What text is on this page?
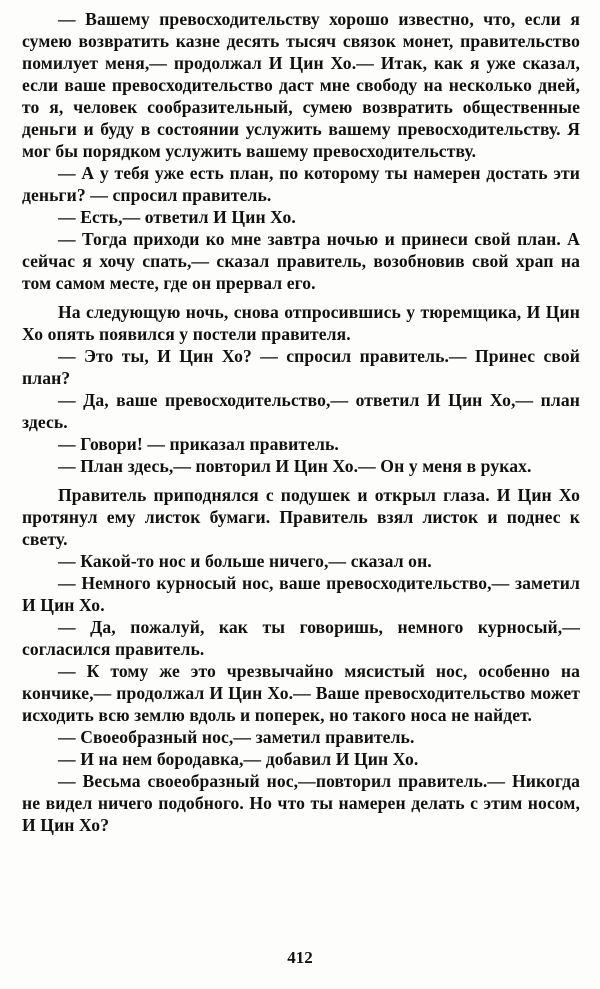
— Вашему превосходительству хорошо известно, что, если я сумею возвратить казне десять тысяч связок монет, правительство помилует меня,— продолжал И Цин Хо.— Итак, как я уже сказал, если ваше превосходительство даст мне свободу на несколько дней, то я, человек сообразительный, сумею возвратить общественные деньги и буду в состоянии услужить вашему превосходительству. Я мог бы порядком услужить вашему превосходительству.

— А у тебя уже есть план, по которому ты намерен достать эти деньги? — спросил правитель.

— Есть,— ответил И Цин Хо.

— Тогда приходи ко мне завтра ночью и принеси свой план. А сейчас я хочу спать,— сказал правитель, возобновив свой храп на том самом месте, где он прервал его.

На следующую ночь, снова отпросившись у тюремщика, И Цин Хо опять появился у постели правителя.

— Это ты, И Цин Хо? — спросил правитель.— Принес свой план?

— Да, ваше превосходительство,— ответил И Цин Хо,— план здесь.

— Говори! — приказал правитель.

— План здесь,— повторил И Цин Хо.— Он у меня в руках.

Правитель приподнялся с подушек и открыл глаза. И Цин Хо протянул ему листок бумаги. Правитель взял листок и поднес к свету.

— Какой-то нос и больше ничего,— сказал он.

— Немного курносый нос, ваше превосходительство,— заметил И Цин Хо.

— Да, пожалуй, как ты говоришь, немного курносый,— согласился правитель.

— К тому же это чрезвычайно мясистый нос, особенно на кончике,— продолжал И Цин Хо.— Ваше превосходительство может исходить всю землю вдоль и поперек, но такого носа не найдет.

— Своеобразный нос,— заметил правитель.

— И на нем бородавка,— добавил И Цин Хо.

— Весьма своеобразный нос,—повторил правитель.— Никогда не видел ничего подобного. Но что ты намерен делать с этим носом, И Цин Хо?

412
